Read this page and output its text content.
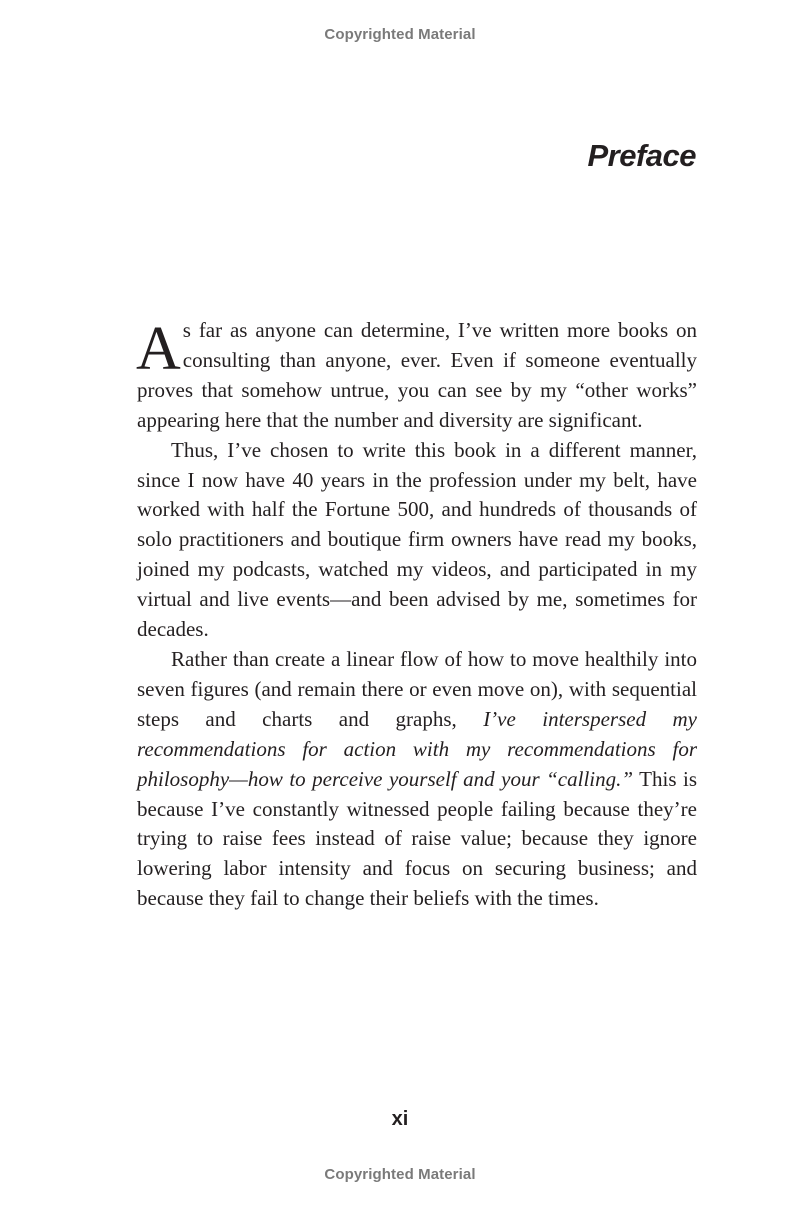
Copyrighted Material
Preface

As far as anyone can determine, I’ve written more books on consulting than anyone, ever. Even if someone eventually proves that somehow untrue, you can see by my “other works” appearing here that the number and diversity are significant.

Thus, I’ve chosen to write this book in a different manner, since I now have 40 years in the profession under my belt, have worked with half the Fortune 500, and hundreds of thousands of solo practitioners and boutique firm owners have read my books, joined my podcasts, watched my videos, and participated in my virtual and live events—and been advised by me, sometimes for decades.

Rather than create a linear flow of how to move healthily into seven figures (and remain there or even move on), with sequential steps and charts and graphs, I’ve interspersed my recommendations for action with my recommendations for philosophy—how to perceive yourself and your “calling.” This is because I’ve constantly witnessed people failing because they’re trying to raise fees instead of raise value; because they ignore lowering labor intensity and focus on securing business; and because they fail to change their beliefs with the times.

xi
Copyrighted Material
